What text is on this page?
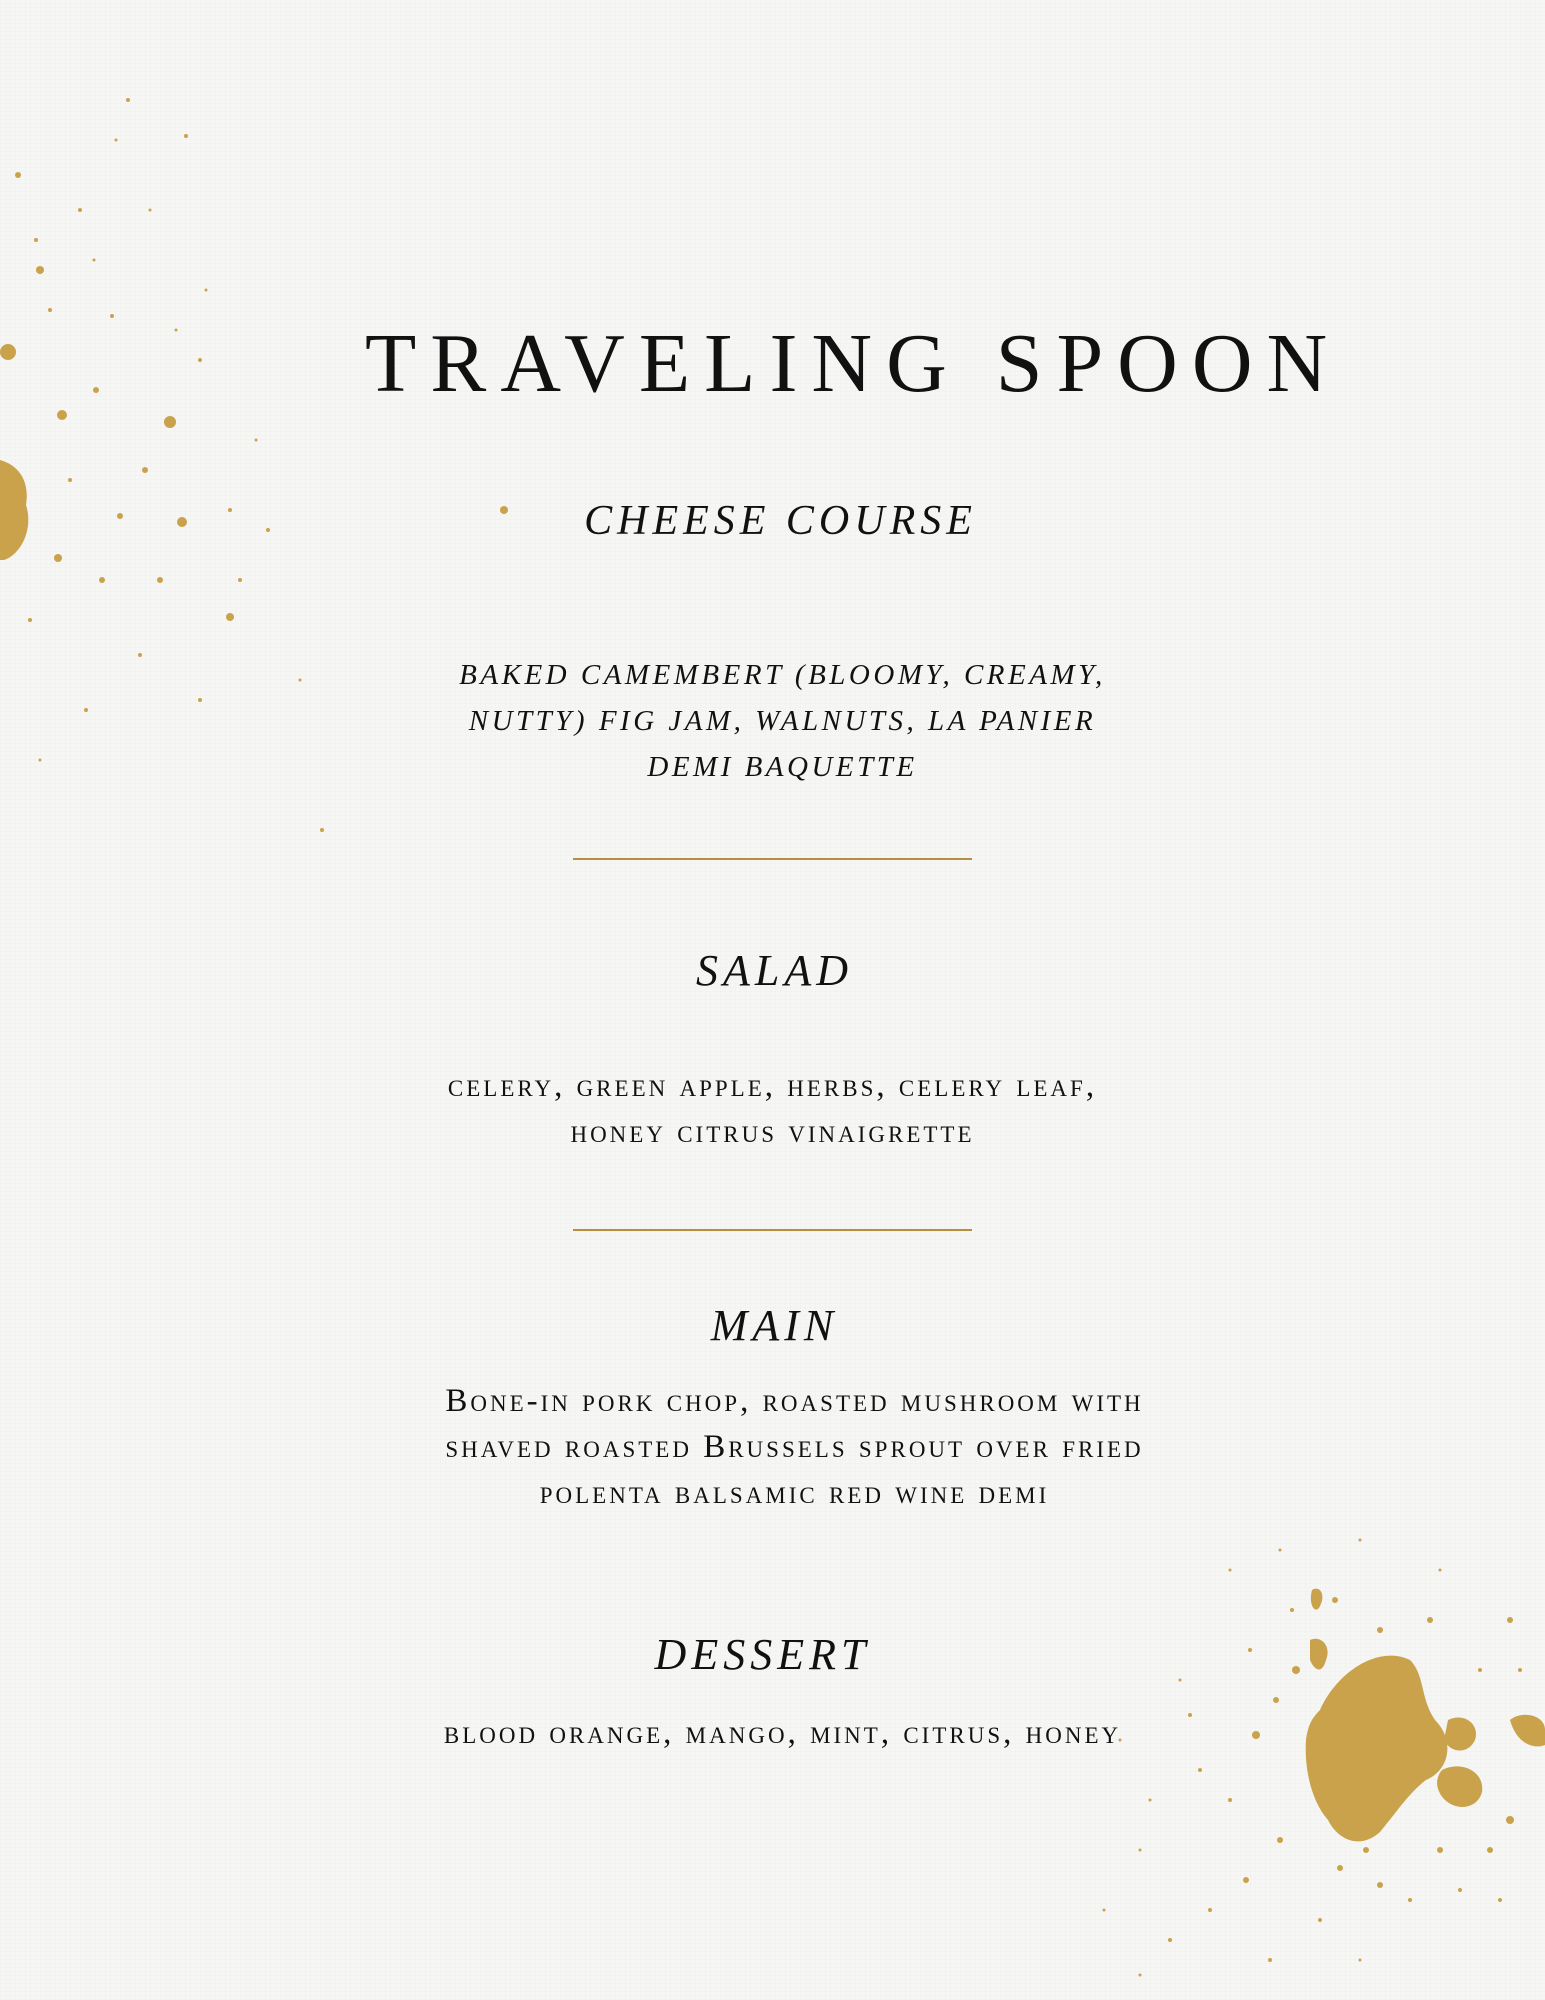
TRAVELING SPOON
CHEESE COURSE

BAKED CAMEMBERT (BLOOMY, CREAMY, NUTTY) FIG JAM, WALNUTS, LA PANIER DEMI BAQUETTE

SALAD

celery, green apple, herbs, celery leaf, honey citrus vinaigrette

MAIN

Bone-in pork chop, roasted mushroom with shaved roasted Brussels sprout over fried polenta balsamic red wine demi

DESSERT

blood orange, mango, mint, citrus, honey
